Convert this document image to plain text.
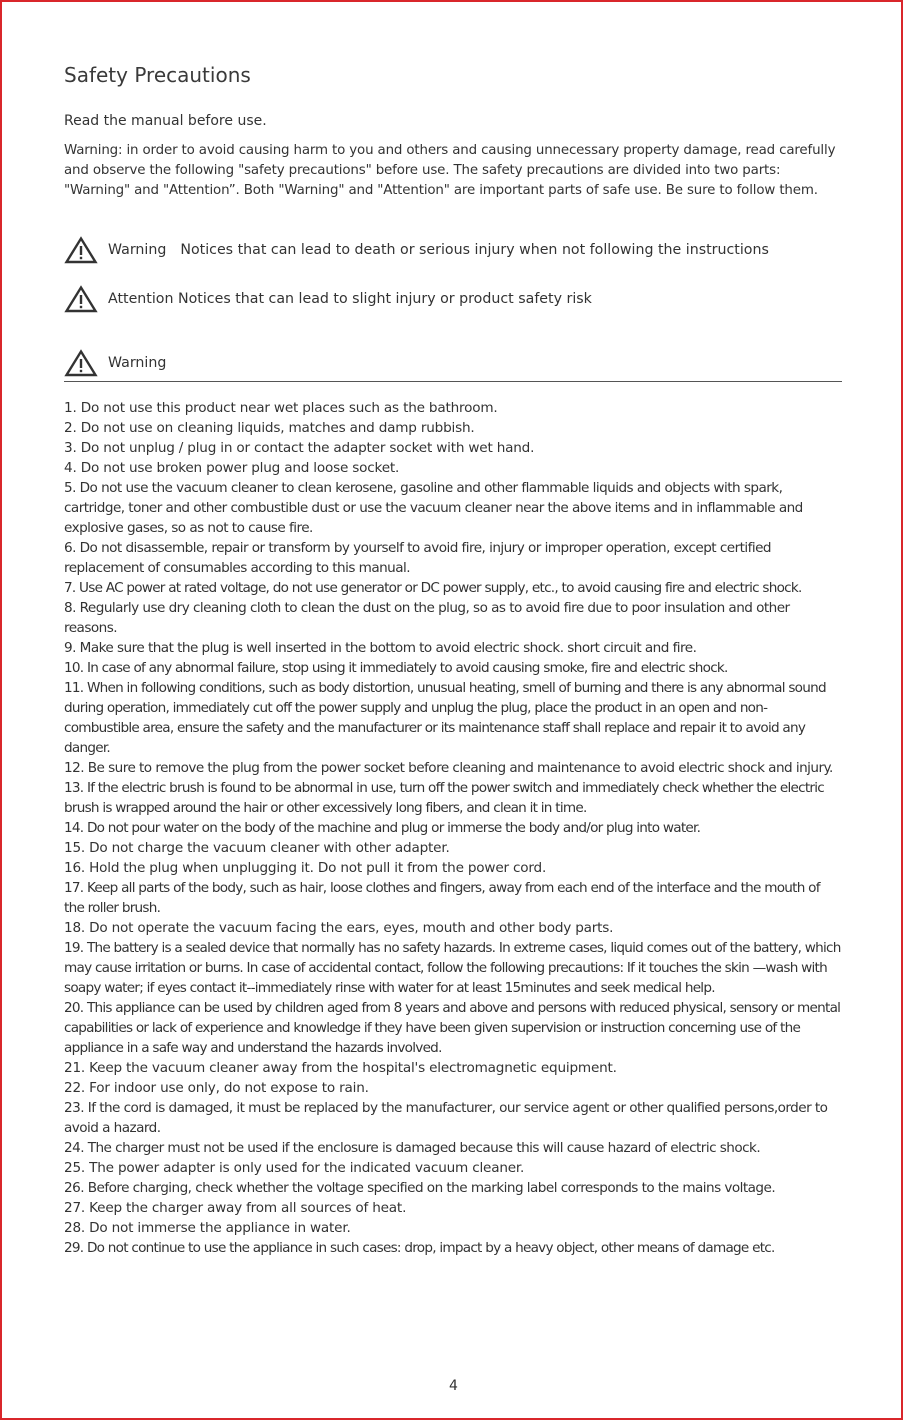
Safety Precautions
Read the manual before use.
Warning: in order to avoid causing harm to you and others and causing unnecessary property damage, read carefully and observe the following "safety precautions" before use. The safety precautions are divided into two parts: "Warning" and "Attention”. Both "Warning" and "Attention" are important parts of safe use. Be sure to follow them.
Warning Notices that can lead to death or serious injury when not following the instructions
Attention Notices that can lead to slight injury or product safety risk
Warning
1. Do not use this product near wet places such as the bathroom.
2. Do not use on cleaning liquids, matches and damp rubbish.
3. Do not unplug / plug in or contact the adapter socket with wet hand.
4. Do not use broken power plug and loose socket.
5. Do not use the vacuum cleaner to clean kerosene, gasoline and other flammable liquids and objects with spark, cartridge, toner and other combustible dust or use the vacuum cleaner near the above items and in inflammable and explosive gases, so as not to cause fire.
6. Do not disassemble, repair or transform by yourself to avoid fire, injury or improper operation, except certified replacement of consumables according to this manual.
7. Use AC power at rated voltage, do not use generator or DC power supply, etc., to avoid causing fire and electric shock.
8. Regularly use dry cleaning cloth to clean the dust on the plug, so as to avoid fire due to poor insulation and other reasons.
9. Make sure that the plug is well inserted in the bottom to avoid electric shock. short circuit and fire.
10. In case of any abnormal failure, stop using it immediately to avoid causing smoke, fire and electric shock.
11. When in following conditions, such as body distortion, unusual heating, smell of burning and there is any abnormal sound during operation, immediately cut off the power supply and unplug the plug, place the product in an open and non-combustible area, ensure the safety and the manufacturer or its maintenance staff shall replace and repair it to avoid any danger.
12. Be sure to remove the plug from the power socket before cleaning and maintenance to avoid electric shock and injury.
13. If the electric brush is found to be abnormal in use, turn off the power switch and immediately check whether the electric brush is wrapped around the hair or other excessively long fibers, and clean it in time.
14. Do not pour water on the body of the machine and plug or immerse the body and/or plug into water.
15. Do not charge the vacuum cleaner with other adapter.
16. Hold the plug when unplugging it. Do not pull it from the power cord.
17. Keep all parts of the body, such as hair, loose clothes and fingers, away from each end of the interface and the mouth of the roller brush.
18. Do not operate the vacuum facing the ears, eyes, mouth and other body parts.
19. The battery is a sealed device that normally has no safety hazards. In extreme cases, liquid comes out of the battery, which may cause irritation or burns. In case of accidental contact, follow the following precautions: If it touches the skin —wash with soapy water; if eyes contact it--immediately rinse with water for at least 15minutes and seek medical help.
20. This appliance can be used by children aged from 8 years and above and persons with reduced physical, sensory or mental capabilities or lack of experience and knowledge if they have been given supervision or instruction concerning use of the appliance in a safe way and understand the hazards involved.
21. Keep the vacuum cleaner away from the hospital's electromagnetic equipment.
22. For indoor use only, do not expose to rain.
23. If the cord is damaged, it must be replaced by the manufacturer, our service agent or other qualified persons,order to avoid a hazard.
24. The charger must not be used if the enclosure is damaged because this will cause hazard of electric shock.
25. The power adapter is only used for the indicated vacuum cleaner.
26. Before charging, check whether the voltage specified on the marking label corresponds to the mains voltage.
27. Keep the charger away from all sources of heat.
28. Do not immerse the appliance in water.
29. Do not continue to use the appliance in such cases: drop, impact by a heavy object, other means of damage etc.
4
